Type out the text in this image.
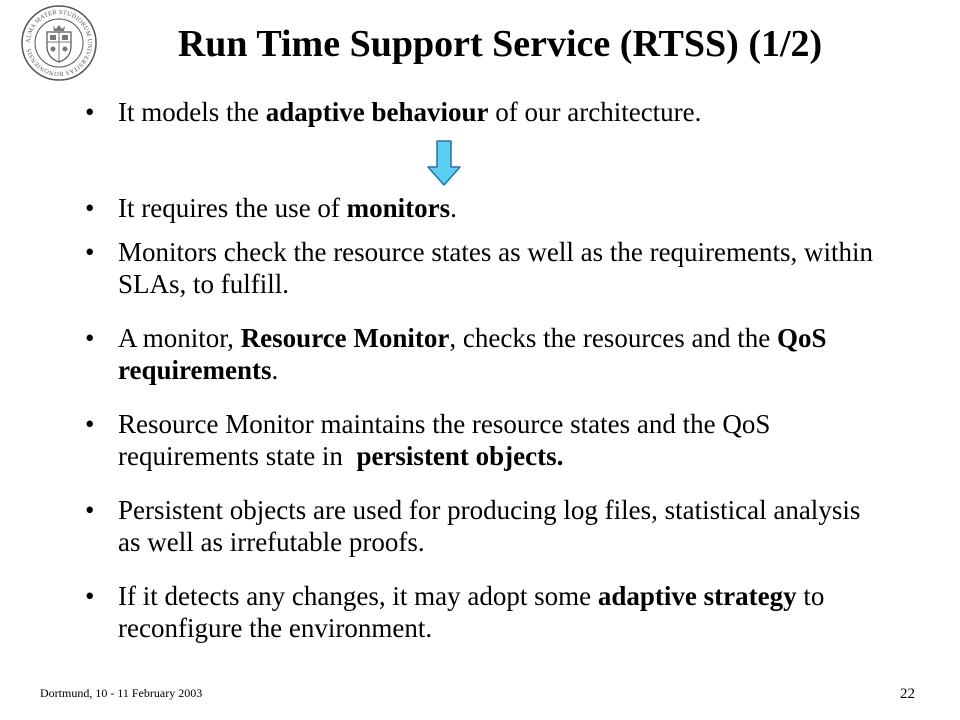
ALMA MATER STUDIORUM UNIVERSITAS BONONIENSIS	Run Time Support Service (RTSS) (1/2)
• It models the adaptive behaviour of our architecture.
• It requires the use of monitors.
• Monitors check the resource states as well as the requirements, within SLAs, to fulfill.
• A monitor, Resource Monitor, checks the resources and the QoS requirements.
• Resource Monitor maintains the resource states and the QoS requirements state in  persistent objects.
• Persistent objects are used for producing log files, statistical analysis as well as irrefutable proofs.
• If it detects any changes, it may adopt some adaptive strategy to reconfigure the environment.
Dortmund, 10 - 11 February 2003	22
